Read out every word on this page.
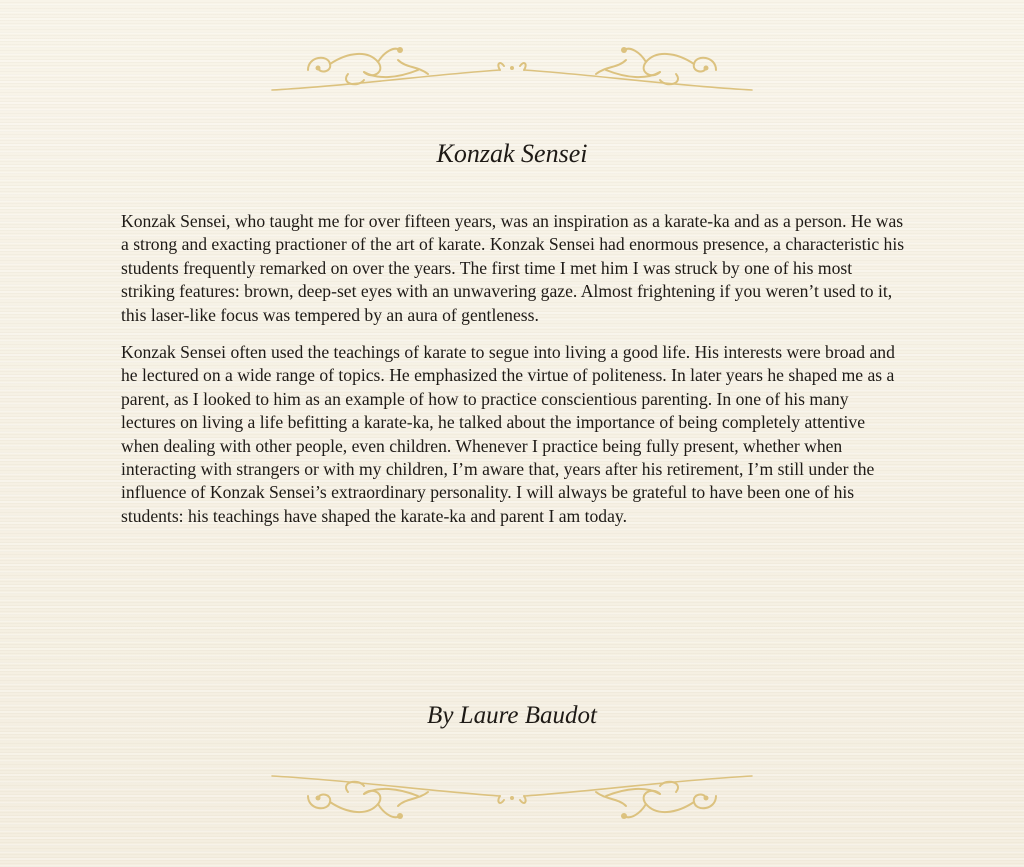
Konzak Sensei

Konzak Sensei, who taught me for over fifteen years, was an inspiration as a karate-ka and as a person. He was a strong and exacting practioner of the art of karate. Konzak Sensei had enormous presence, a characteristic his students frequently remarked on over the years. The first time I met him I was struck by one of his most striking features: brown, deep-set eyes with an unwavering gaze. Almost frightening if you weren’t used to it, this laser-like focus was tempered by an aura of gentleness.

Konzak Sensei often used the teachings of karate to segue into living a good life. His interests were broad and he lectured on a wide range of topics. He emphasized the virtue of politeness. In later years he shaped me as a parent, as I looked to him as an example of how to practice conscientious parenting. In one of his many lectures on living a life befitting a karate-ka, he talked about the importance of being completely attentive when dealing with other people, even children. Whenever I practice being fully present, whether when interacting with strangers or with my children, I’m aware that, years after his retirement, I’m still under the influence of Konzak Sensei’s extraordinary personality. I will always be grateful to have been one of his students: his teachings have shaped the karate-ka and parent I am today.

By Laure Baudot
